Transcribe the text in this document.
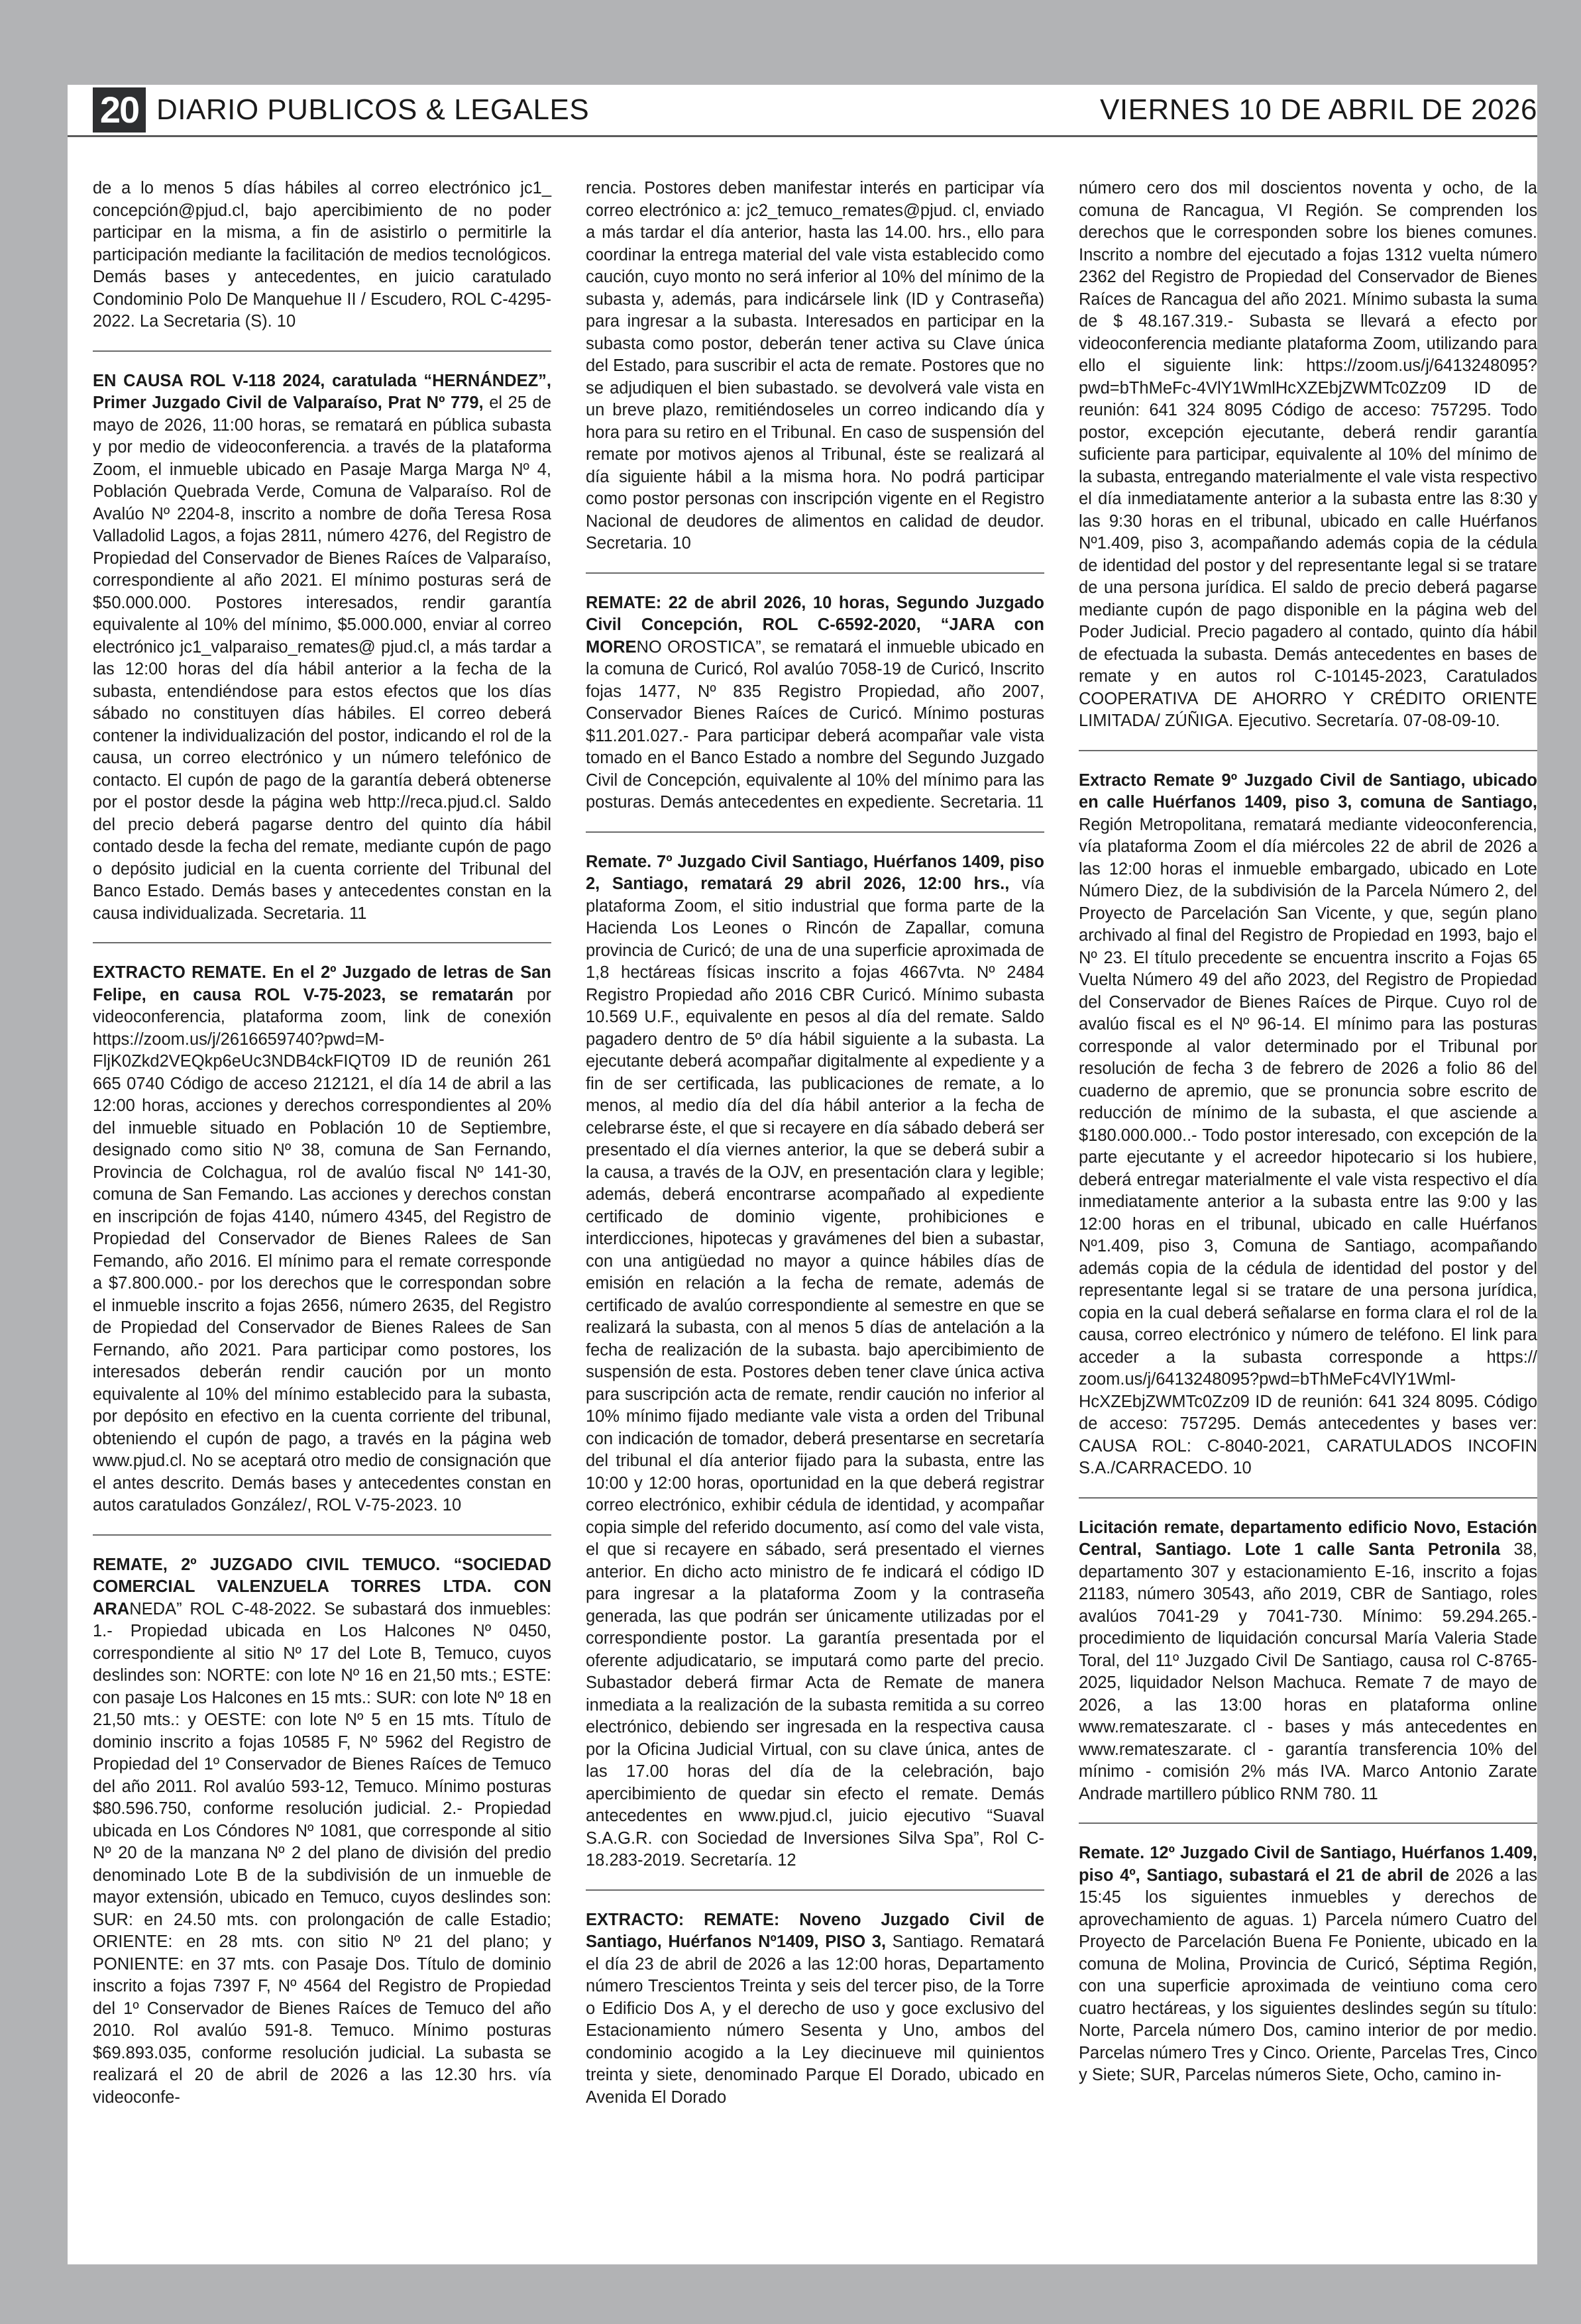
20 DIARIO PUBLICOS & LEGALES	VIERNES 10 DE ABRIL DE 2026
de a lo menos 5 días hábiles al correo electrónico jc1_ concepción@pjud.cl, bajo apercibimiento de no poder participar en la misma, a fin de asistirlo o permitirle la participación mediante la facilitación de medios tecnológicos. Demás bases y antecedentes, en juicio caratulado Condominio Polo De Manquehue II / Escudero, ROL C-4295-2022. La Secretaria (S). 10
EN CAUSA ROL V-118 2024, caratulada “HERNÁNDEZ”, Primer Juzgado Civil de Valparaíso, Prat Nº 779, el 25 de mayo de 2026, 11:00 horas, se rematará en pública subasta y por medio de videoconferencia. a través de la plataforma Zoom, el inmueble ubicado en Pasaje Marga Marga Nº 4, Población Quebrada Verde, Comuna de Valparaíso. Rol de Avalúo Nº 2204-8, inscrito a nombre de doña Teresa Rosa Valladolid Lagos, a fojas 2811, número 4276, del Registro de Propiedad del Conservador de Bienes Raíces de Valparaíso, correspondiente al año 2021. El mínimo posturas será de $50.000.000. Postores interesados, rendir garantía equivalente al 10% del mínimo, $5.000.000, enviar al correo electrónico jc1_valparaiso_remates@ pjud.cl, a más tardar a las 12:00 horas del día hábil anterior a la fecha de la subasta, entendiéndose para estos efectos que los días sábado no constituyen días hábiles. El correo deberá contener la individualización del postor, indicando el rol de la causa, un correo electrónico y un número telefónico de contacto. El cupón de pago de la garantía deberá obtenerse por el postor desde la página web http://reca.pjud.cl. Saldo del precio deberá pagarse dentro del quinto día hábil contado desde la fecha del remate, mediante cupón de pago o depósito judicial en la cuenta corriente del Tribunal del Banco Estado. Demás bases y antecedentes constan en la causa individualizada. Secretaria. 11
EXTRACTO REMATE. En el 2º Juzgado de letras de San Felipe, en causa ROL V-75-2023, se rematarán por videoconferencia, plataforma zoom, link de conexión https://zoom.us/j/2616659740?pwd=M-FljK0Zkd2VEQkp6eUc3NDB4ckFIQT09 ID de reunión 261 665 0740 Código de acceso 212121, el día 14 de abril a las 12:00 horas, acciones y derechos correspondientes al 20% del inmueble situado en Población 10 de Septiembre, designado como sitio Nº 38, comuna de San Fernando, Provincia de Colchagua, rol de avalúo fiscal Nº 141-30, comuna de San Femando. Las acciones y derechos constan en inscripción de fojas 4140, número 4345, del Registro de Propiedad del Conservador de Bienes Ralees de San Femando, año 2016. El mínimo para el remate corresponde a $7.800.000.- por los derechos que le correspondan sobre el inmueble inscrito a fojas 2656, número 2635, del Registro de Propiedad del Conservador de Bienes Ralees de San Fernando, año 2021. Para participar como postores, los interesados deberán rendir caución por un monto equivalente al 10% del mínimo establecido para la subasta, por depósito en efectivo en la cuenta corriente del tribunal, obteniendo el cupón de pago, a través en la página web www.pjud.cl. No se aceptará otro medio de consignación que el antes descrito. Demás bases y antecedentes constan en autos caratulados González/, ROL V-75-2023. 10
REMATE, 2º JUZGADO CIVIL TEMUCO. “SOCIEDAD COMERCIAL VALENZUELA TORRES LTDA. CON ARANEDA” ROL C-48-2022. Se subastará dos inmuebles: 1.- Propiedad ubicada en Los Halcones Nº 0450, correspondiente al sitio Nº 17 del Lote B, Temuco, cuyos deslindes son: NORTE: con lote Nº 16 en 21,50 mts.; ESTE: con pasaje Los Halcones en 15 mts.: SUR: con lote Nº 18 en 21,50 mts.: y OESTE: con lote Nº 5 en 15 mts. Título de dominio inscrito a fojas 10585 F, Nº 5962 del Registro de Propiedad del 1º Conservador de Bienes Raíces de Temuco del año 2011. Rol avalúo 593-12, Temuco. Mínimo posturas $80.596.750, conforme resolución judicial. 2.- Propiedad ubicada en Los Cóndores Nº 1081, que corresponde al sitio Nº 20 de la manzana Nº 2 del plano de división del predio denominado Lote B de la subdivisión de un inmueble de mayor extensión, ubicado en Temuco, cuyos deslindes son: SUR: en 24.50 mts. con prolongación de calle Estadio; ORIENTE: en 28 mts. con sitio Nº 21 del plano; y PONIENTE: en 37 mts. con Pasaje Dos. Título de dominio inscrito a fojas 7397 F, Nº 4564 del Registro de Propiedad del 1º Conservador de Bienes Raíces de Temuco del año 2010. Rol avalúo 591-8. Temuco. Mínimo posturas $69.893.035, conforme resolución judicial. La subasta se realizará el 20 de abril de 2026 a las 12.30 hrs. vía videoconfe-
rencia. Postores deben manifestar interés en participar vía correo electrónico a: jc2_temuco_remates@pjud. cl, enviado a más tardar el día anterior, hasta las 14.00. hrs., ello para coordinar la entrega material del vale vista establecido como caución, cuyo monto no será inferior al 10% del mínimo de la subasta y, además, para indicársele link (ID y Contraseña) para ingresar a la subasta. Interesados en participar en la subasta como postor, deberán tener activa su Clave única del Estado, para suscribir el acta de remate. Postores que no se adjudiquen el bien subastado. se devolverá vale vista en un breve plazo, remitiéndoseles un correo indicando día y hora para su retiro en el Tribunal. En caso de suspensión del remate por motivos ajenos al Tribunal, éste se realizará al día siguiente hábil a la misma hora. No podrá participar como postor personas con inscripción vigente en el Registro Nacional de deudores de alimentos en calidad de deudor. Secretaria. 10
REMATE: 22 de abril 2026, 10 horas, Segundo Juzgado Civil Concepción, ROL C-6592-2020, “JARA con MORENO OROSTICA”, se rematará el inmueble ubicado en la comuna de Curicó, Rol avalúo 7058-19 de Curicó, Inscrito fojas 1477, Nº 835 Registro Propiedad, año 2007, Conservador Bienes Raíces de Curicó. Mínimo posturas $11.201.027.- Para participar deberá acompañar vale vista tomado en el Banco Estado a nombre del Segundo Juzgado Civil de Concepción, equivalente al 10% del mínimo para las posturas. Demás antecedentes en expediente. Secretaria. 11
Remate. 7º Juzgado Civil Santiago, Huérfanos 1409, piso 2, Santiago, rematará 29 abril 2026, 12:00 hrs., vía plataforma Zoom, el sitio industrial que forma parte de la Hacienda Los Leones o Rincón de Zapallar, comuna provincia de Curicó; de una de una superficie aproximada de 1,8 hectáreas físicas inscrito a fojas 4667vta. Nº 2484 Registro Propiedad año 2016 CBR Curicó. Mínimo subasta 10.569 U.F., equivalente en pesos al día del remate. Saldo pagadero dentro de 5º día hábil siguiente a la subasta. La ejecutante deberá acompañar digitalmente al expediente y a fin de ser certificada, las publicaciones de remate, a lo menos, al medio día del día hábil anterior a la fecha de celebrarse éste, el que si recayere en día sábado deberá ser presentado el día viernes anterior, la que se deberá subir a la causa, a través de la OJV, en presentación clara y legible; además, deberá encontrarse acompañado al expediente certificado de dominio vigente, prohibiciones e interdicciones, hipotecas y gravámenes del bien a subastar, con una antigüedad no mayor a quince hábiles días de emisión en relación a la fecha de remate, además de certificado de avalúo correspondiente al semestre en que se realizará la subasta, con al menos 5 días de antelación a la fecha de realización de la subasta. bajo apercibimiento de suspensión de esta. Postores deben tener clave única activa para suscripción acta de remate, rendir caución no inferior al 10% mínimo fijado mediante vale vista a orden del Tribunal con indicación de tomador, deberá presentarse en secretaría del tribunal el día anterior fijado para la subasta, entre las 10:00 y 12:00 horas, oportunidad en la que deberá registrar correo electrónico, exhibir cédula de identidad, y acompañar copia simple del referido documento, así como del vale vista, el que si recayere en sábado, será presentado el viernes anterior. En dicho acto ministro de fe indicará el código ID para ingresar a la plataforma Zoom y la contraseña generada, las que podrán ser únicamente utilizadas por el correspondiente postor. La garantía presentada por el oferente adjudicatario, se imputará como parte del precio. Subastador deberá firmar Acta de Remate de manera inmediata a la realización de la subasta remitida a su correo electrónico, debiendo ser ingresada en la respectiva causa por la Oficina Judicial Virtual, con su clave única, antes de las 17.00 horas del día de la celebración, bajo apercibimiento de quedar sin efecto el remate. Demás antecedentes en www.pjud.cl, juicio ejecutivo “Suaval S.A.G.R. con Sociedad de Inversiones Silva Spa”, Rol C-18.283-2019. Secretaría. 12
EXTRACTO: REMATE: Noveno Juzgado Civil de Santiago, Huérfanos Nº1409, PISO 3, Santiago. Rematará el día 23 de abril de 2026 a las 12:00 horas, Departamento número Trescientos Treinta y seis del tercer piso, de la Torre o Edificio Dos A, y el derecho de uso y goce exclusivo del Estacionamiento número Sesenta y Uno, ambos del condominio acogido a la Ley diecinueve mil quinientos treinta y siete, denominado Parque El Dorado, ubicado en Avenida El Dorado
número cero dos mil doscientos noventa y ocho, de la comuna de Rancagua, VI Región. Se comprenden los derechos que le corresponden sobre los bienes comunes. Inscrito a nombre del ejecutado a fojas 1312 vuelta número 2362 del Registro de Propiedad del Conservador de Bienes Raíces de Rancagua del año 2021. Mínimo subasta la suma de $ 48.167.319.- Subasta se llevará a efecto por videoconferencia mediante plataforma Zoom, utilizando para ello el siguiente link: https://zoom.us/j/6413248095?pwd=bThMeFc-4VlY1WmlHcXZEbjZWMTc0Zz09 ID de reunión: 641 324 8095 Código de acceso: 757295. Todo postor, excepción ejecutante, deberá rendir garantía suficiente para participar, equivalente al 10% del mínimo de la subasta, entregando materialmente el vale vista respectivo el día inmediatamente anterior a la subasta entre las 8:30 y las 9:30 horas en el tribunal, ubicado en calle Huérfanos Nº1.409, piso 3, acompañando además copia de la cédula de identidad del postor y del representante legal si se tratare de una persona jurídica. El saldo de precio deberá pagarse mediante cupón de pago disponible en la página web del Poder Judicial. Precio pagadero al contado, quinto día hábil de efectuada la subasta. Demás antecedentes en bases de remate y en autos rol C-10145-2023, Caratulados COOPERATIVA DE AHORRO Y CRÉDITO ORIENTE LIMITADA/ ZÚÑIGA. Ejecutivo. Secretaría. 07-08-09-10.
Extracto Remate 9º Juzgado Civil de Santiago, ubicado en calle Huérfanos 1409, piso 3, comuna de Santiago, Región Metropolitana, rematará mediante videoconferencia, vía plataforma Zoom el día miércoles 22 de abril de 2026 a las 12:00 horas el inmueble embargado, ubicado en Lote Número Diez, de la subdivisión de la Parcela Número 2, del Proyecto de Parcelación San Vicente, y que, según plano archivado al final del Registro de Propiedad en 1993, bajo el Nº 23. El título precedente se encuentra inscrito a Fojas 65 Vuelta Número 49 del año 2023, del Registro de Propiedad del Conservador de Bienes Raíces de Pirque. Cuyo rol de avalúo fiscal es el Nº 96-14. El mínimo para las posturas corresponde al valor determinado por el Tribunal por resolución de fecha 3 de febrero de 2026 a folio 86 del cuaderno de apremio, que se pronuncia sobre escrito de reducción de mínimo de la subasta, el que asciende a $180.000.000..- Todo postor interesado, con excepción de la parte ejecutante y el acreedor hipotecario si los hubiere, deberá entregar materialmente el vale vista respectivo el día inmediatamente anterior a la subasta entre las 9:00 y las 12:00 horas en el tribunal, ubicado en calle Huérfanos Nº1.409, piso 3, Comuna de Santiago, acompañando además copia de la cédula de identidad del postor y del representante legal si se tratare de una persona jurídica, copia en la cual deberá señalarse en forma clara el rol de la causa, correo electrónico y número de teléfono. El link para acceder a la subasta corresponde a https:// zoom.us/j/6413248095?pwd=bThMeFc4VlY1Wml-HcXZEbjZWMTc0Zz09 ID de reunión: 641 324 8095. Código de acceso: 757295. Demás antecedentes y bases ver: CAUSA ROL: C-8040-2021, CARATULADOS INCOFIN S.A./CARRACEDO. 10
Licitación remate, departamento edificio Novo, Estación Central, Santiago. Lote 1 calle Santa Petronila 38, departamento 307 y estacionamiento E-16, inscrito a fojas 21183, número 30543, año 2019, CBR de Santiago, roles avalúos 7041-29 y 7041-730. Mínimo: 59.294.265.- procedimiento de liquidación concursal María Valeria Stade Toral, del 11º Juzgado Civil De Santiago, causa rol C-8765-2025, liquidador Nelson Machuca. Remate 7 de mayo de 2026, a las 13:00 horas en plataforma online www.remateszarate. cl - bases y más antecedentes en www.remateszarate. cl - garantía transferencia 10% del mínimo - comisión 2% más IVA. Marco Antonio Zarate Andrade martillero público RNM 780. 11
Remate. 12º Juzgado Civil de Santiago, Huérfanos 1.409, piso 4º, Santiago, subastará el 21 de abril de 2026 a las 15:45 los siguientes inmuebles y derechos de aprovechamiento de aguas. 1) Parcela número Cuatro del Proyecto de Parcelación Buena Fe Poniente, ubicado en la comuna de Molina, Provincia de Curicó, Séptima Región, con una superficie aproximada de veintiuno coma cero cuatro hectáreas, y los siguientes deslindes según su título: Norte, Parcela número Dos, camino interior de por medio. Parcelas número Tres y Cinco. Oriente, Parcelas Tres, Cinco y Siete; SUR, Parcelas números Siete, Ocho, camino in-
